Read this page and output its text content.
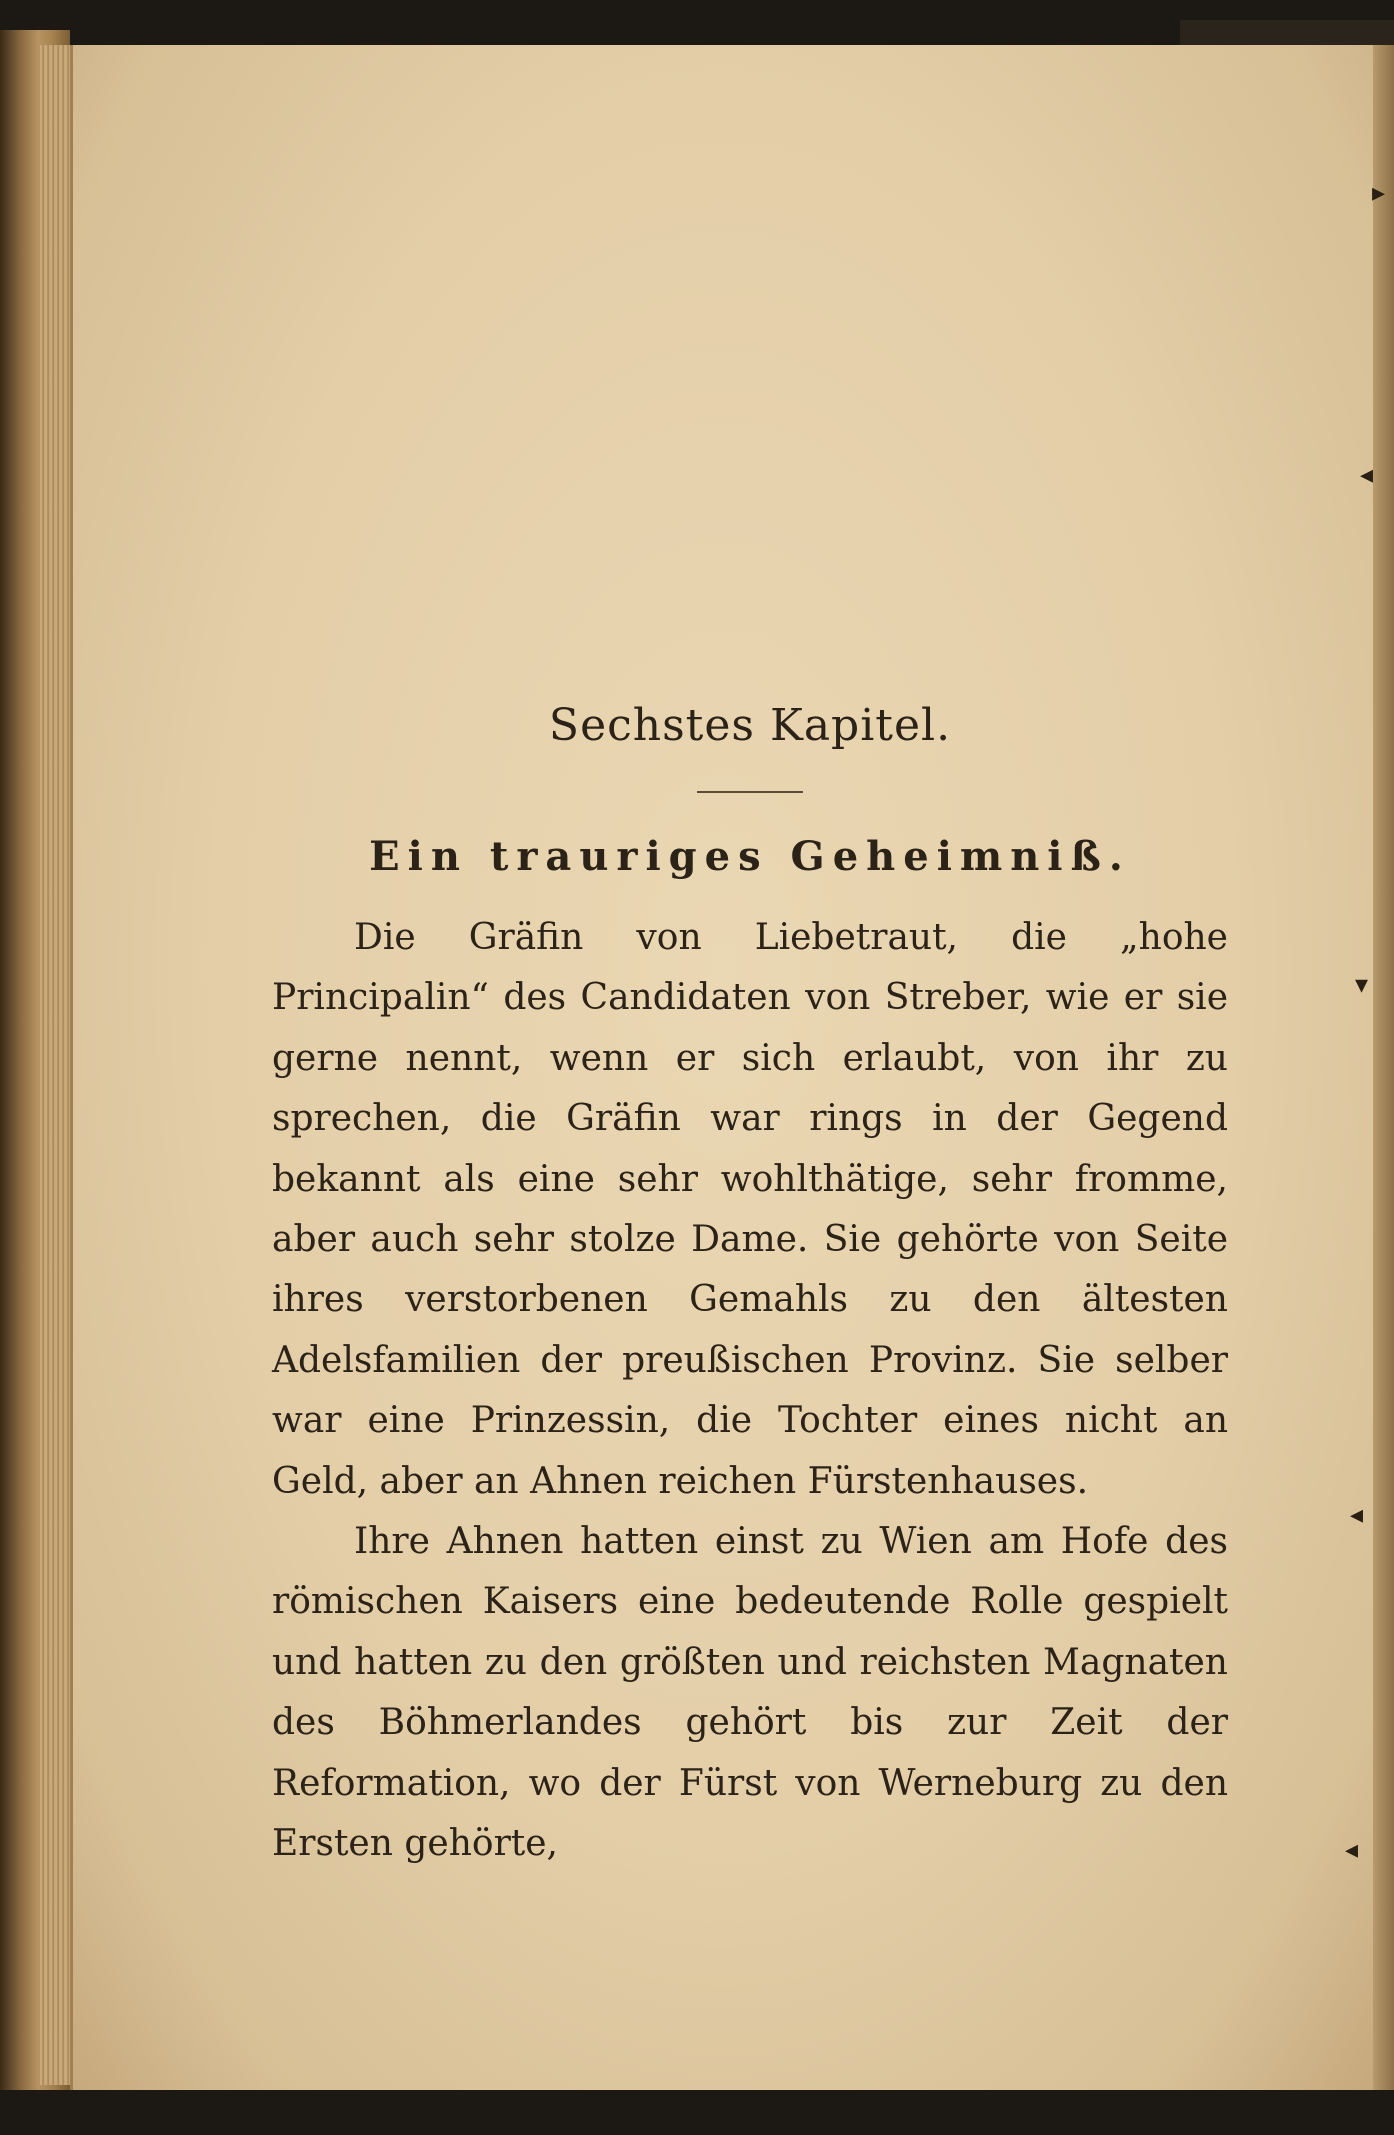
▸
◂
▾
◂
◂
Sechstes Kapitel.
Ein trauriges Geheimniß.

Die Gräfin von Liebetraut, die „hohe Principalin“ des Candidaten von Streber, wie er sie gerne nennt, wenn er sich erlaubt, von ihr zu sprechen, die Gräfin war rings in der Gegend bekannt als eine sehr wohlthätige, sehr fromme, aber auch sehr stolze Dame. Sie gehörte von Seite ihres verstorbenen Gemahls zu den ältesten Adelsfamilien der preußischen Provinz. Sie selber war eine Prinzessin, die Tochter eines nicht an Geld, aber an Ahnen reichen Fürstenhauses.

Ihre Ahnen hatten einst zu Wien am Hofe des römischen Kaisers eine bedeutende Rolle gespielt und hatten zu den größten und reichsten Magnaten des Böhmerlandes gehört bis zur Zeit der Reformation, wo der Fürst von Werneburg zu den Ersten gehörte,
